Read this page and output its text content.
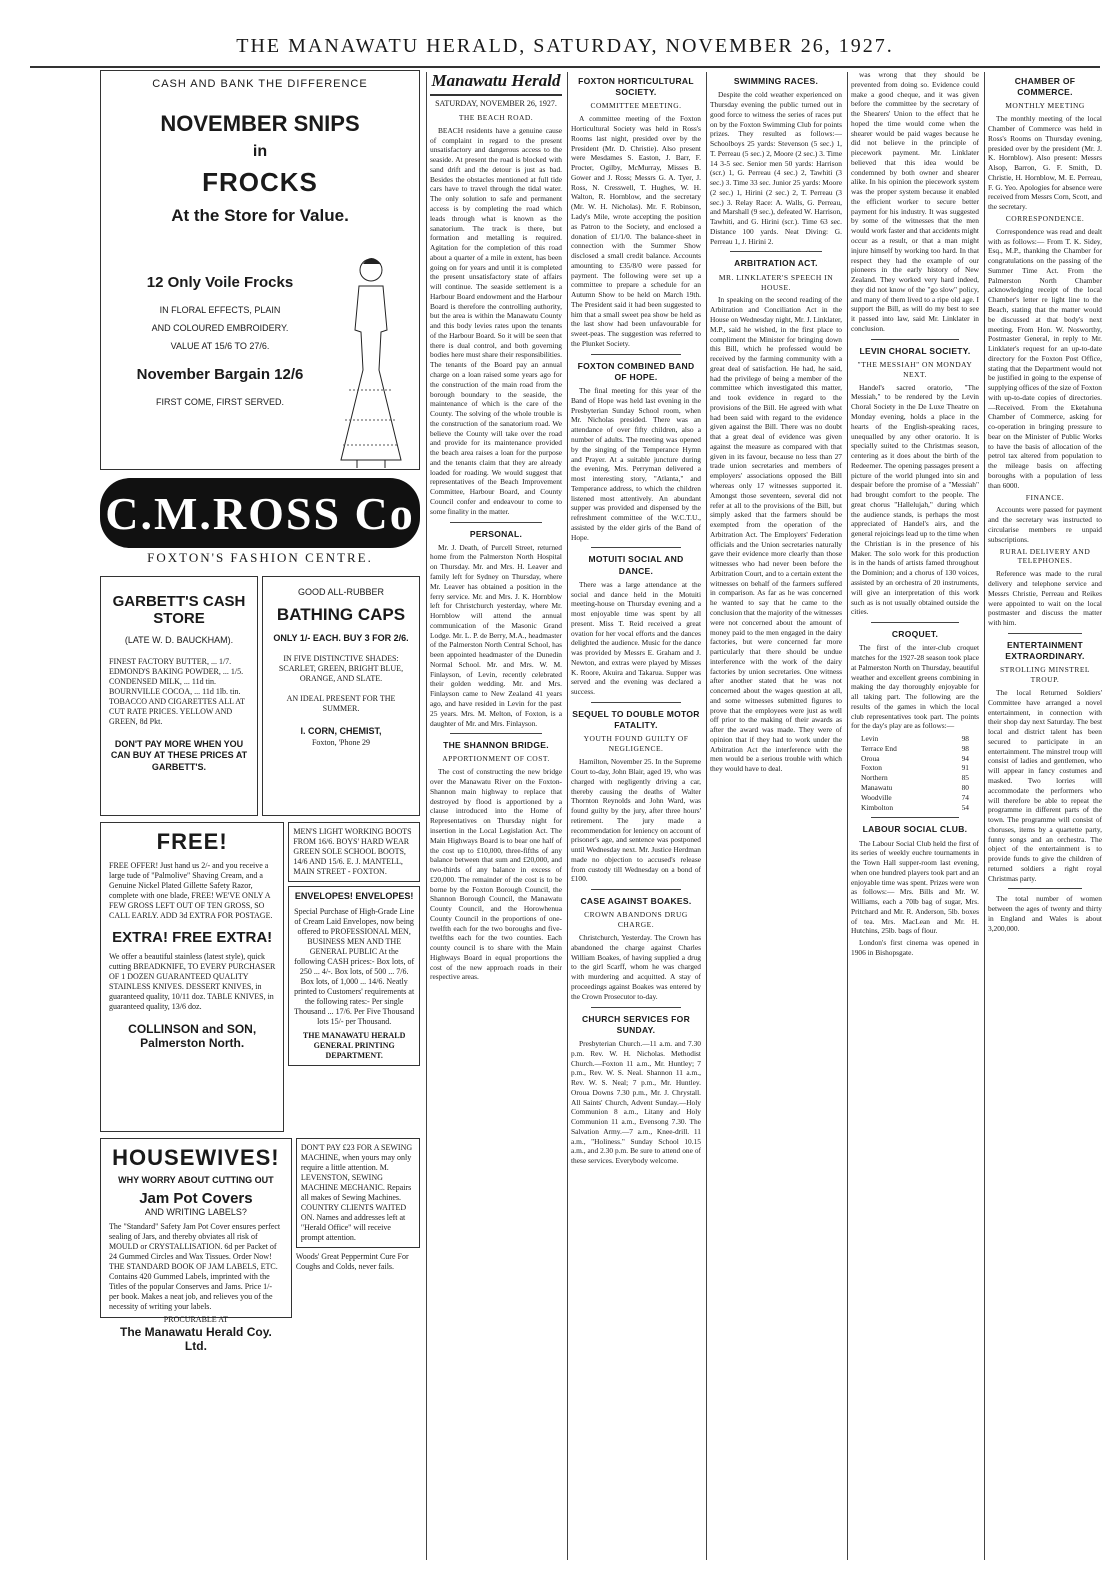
THE MANAWATU HERALD, SATURDAY, NOVEMBER 26, 1927.
CASH AND BANK THE DIFFERENCE
NOVEMBER SNIPS
in
FROCKS
At the Store for Value.
12 Only Voile Frocks
IN FLORAL EFFECTS, PLAIN
AND COLOURED EMBROIDERY.
VALUE AT 15/6 TO 27/6.
November Bargain 12/6
FIRST COME, FIRST SERVED.
C.M.ROSS Co
FOXTON'S FASHION CENTRE.
GARBETT'S CASH STORE
(LATE W. D. BAUCKHAM).
FINEST FACTORY BUTTER, ... 1/7. EDMOND'S BAKING POWDER, ... 1/5. CONDENSED MILK, ... 11d tin. BOURNVILLE COCOA, ... 11d 1lb. tin. TOBACCO AND CIGARETTES ALL AT CUT RATE PRICES. YELLOW AND GREEN, 8d Pkt.
DON'T PAY MORE WHEN YOU CAN BUY AT THESE PRICES AT GARBETT'S.
GOOD ALL-RUBBER
BATHING CAPS
ONLY 1/- EACH. BUY 3 FOR 2/6.
IN FIVE DISTINCTIVE SHADES: SCARLET, GREEN, BRIGHT BLUE, ORANGE, AND SLATE.
AN IDEAL PRESENT FOR THE SUMMER.
I. CORN, CHEMIST,
Foxton, 'Phone 29
FREE!
FREE OFFER! Just hand us 2/- and you receive a large tude of "Palmolive" Shaving Cream, and a Genuine Nickel Plated Gillette Safety Razor, complete with one blade, FREE! WE'VE ONLY A FEW GROSS LEFT OUT OF TEN GROSS, SO CALL EARLY. ADD 3d EXTRA FOR POSTAGE.
EXTRA! FREE EXTRA!
We offer a beautiful stainless (latest style), quick cutting BREADKNIFE, TO EVERY PURCHASER OF 1 DOZEN GUARANTEED QUALITY STAINLESS KNIVES. DESSERT KNIVES, in guaranteed quality, 10/11 doz. TABLE KNIVES, in guaranteed quality, 13/6 doz.
COLLINSON and SON, Palmerston North.
MEN'S LIGHT WORKING BOOTS FROM 16/6. BOYS' HARD WEAR GREEN SOLE SCHOOL BOOTS, 14/6 AND 15/6. E. J. MANTELL, MAIN STREET - FOXTON.
ENVELOPES! ENVELOPES!
Special Purchase of High-Grade Line of Cream Laid Envelopes, now being offered to PROFESSIONAL MEN, BUSINESS MEN AND THE GENERAL PUBLIC At the following CASH prices:- Box lots, of 250 ... 4/-. Box lots, of 500 ... 7/6. Box lots, of 1,000 ... 14/6. Neatly printed to Customers' requirements at the following rates:- Per single Thousand ... 17/6. Per Five Thousand lots 15/- per Thousand.
THE MANAWATU HERALD GENERAL PRINTING DEPARTMENT.
HOUSEWIVES!
WHY WORRY ABOUT CUTTING OUT
Jam Pot Covers
AND WRITING LABELS?
The "Standard" Safety Jam Pot Cover ensures perfect sealing of Jars, and thereby obviates all risk of MOULD or CRYSTALLISATION. 6d per Packet of 24 Gummed Circles and Wax Tissues. Order Now! THE STANDARD BOOK OF JAM LABELS, ETC. Contains 420 Gummed Labels, imprinted with the Titles of the popular Conserves and Jams. Price 1/- per book. Makes a neat job, and relieves you of the necessity of writing your labels.
PROCURABLE AT
The Manawatu Herald Coy. Ltd.
DON'T PAY £23 FOR A SEWING MACHINE, when yours may only require a little attention. M. LEVENSTON, SEWING MACHINE MECHANIC. Repairs all makes of Sewing Machines. COUNTRY CLIENTS WAITED ON. Names and addresses left at "Herald Office" will receive prompt attention.
Woods' Great Peppermint Cure For Coughs and Colds, never fails.
Manawatu Herald
SATURDAY, NOVEMBER 26, 1927.
THE BEACH ROAD.

BEACH residents have a genuine cause of complaint in regard to the present unsatisfactory and dangerous access to the seaside. At present the road is blocked with sand drift and the detour is just as bad. Besides the obstacles mentioned at full tide cars have to travel through the tidal water. The only solution to safe and permanent access is by completing the road which leads through what is known as the sanatorium. The track is there, but formation and metalling is required. Agitation for the completion of this road about a quarter of a mile in extent, has been going on for years and until it is completed the present unsatisfactory state of affairs will continue. The seaside settlement is a Harbour Board endowment and the Harbour Board is therefore the controlling authority, but the area is within the Manawatu County and this body levies rates upon the tenants of the Harbour Board. So it will be seen that there is dual control, and both governing bodies here must share their responsibilities. The tenants of the Board pay an annual charge on a loan raised some years ago for the construction of the main road from the borough boundary to the seaside, the maintenance of which is the care of the County. The solving of the whole trouble is the construction of the sanatorium road. We believe the County will take over the road and provide for its maintenance provided the beach area raises a loan for the purpose and the tenants claim that they are already loaded for roading. We would suggest that representatives of the Beach Improvement Committee, Harbour Board, and County Council confer and endeavour to come to some finality in the matter.

PERSONAL.

Mr. J. Death, of Purcell Street, returned home from the Palmerston North Hospital on Thursday. Mr. and Mrs. H. Leaver and family left for Sydney on Thursday, where Mr. Leaver has obtained a position in the ferry service. Mr. and Mrs. J. K. Hornblow left for Christchurch yesterday, where Mr. Hornblow will attend the annual communication of the Masonic Grand Lodge. Mr. L. P. de Berry, M.A., headmaster of the Palmerston North Central School, has been appointed headmaster of the Dunedin Normal School. Mr. and Mrs. W. M. Finlayson, of Levin, recently celebrated their golden wedding. Mr. and Mrs. Finlayson came to New Zealand 41 years ago, and have resided in Levin for the past 25 years. Mrs. M. Melton, of Foxton, is a daughter of Mr. and Mrs. Finlayson.

THE SHANNON BRIDGE.
APPORTIONMENT OF COST.

The cost of constructing the new bridge over the Manawatu River on the Foxton-Shannon main highway to replace that destroyed by flood is apportioned by a clause introduced into the Home of Representatives on Thursday night for insertion in the Local Legislation Act. The Main Highways Board is to bear one half of the cost up to £10,000, three-fifths of any balance between that sum and £20,000, and two-thirds of any balance in excess of £20,000. The remainder of the cost is to be borne by the Foxton Borough Council, the Shannon Borough Council, the Manawatu County Council, and the Horowhenua County Council in the proportions of one-twelfth each for the two boroughs and five-twelfths each for the two counties. Each county council is to share with the Main Highways Board in equal proportions the cost of the new approach roads in their respective areas.

FOXTON HORTICULTURAL SOCIETY.
COMMITTEE MEETING.

A committee meeting of the Foxton Horticultural Society was held in Ross's Rooms last night, presided over by the President (Mr. D. Christie). Also present were Mesdames S. Easton, J. Barr, F. Procter, Ogilby, McMurray, Misses B. Gower and J. Ross; Messrs G. A. Tyer, J. Ross, N. Cresswell, T. Hughes, W. H. Walton, R. Hornblow, and the secretary (Mr. W. H. Nicholas). Mr. F. Robinson, Lady's Mile, wrote accepting the position as Patron to the Society, and enclosed a donation of £1/1/0. The balance-sheet in connection with the Summer Show disclosed a small credit balance. Accounts amounting to £35/8/0 were passed for payment. The following were set up a committee to prepare a schedule for an Autumn Show to be held on March 19th. The President said it had been suggested to him that a small sweet pea show be held as the last show had been unfavourable for sweet-peas. The suggestion was referred to the Plunket Society.

FOXTON COMBINED BAND OF HOPE.

The final meeting for this year of the Band of Hope was held last evening in the Presbyterian Sunday School room, when Mr. Nicholas presided. There was an attendance of over fifty children, also a number of adults. The meeting was opened by the singing of the Temperance Hymn and Prayer. At a suitable juncture during the evening, Mrs. Perryman delivered a most interesting story, "Atlanta," and Temperance address, to which the children listened most attentively. An abundant supper was provided and dispensed by the refreshment committee of the W.C.T.U., assisted by the elder girls of the Band of Hope.

MOTUITI SOCIAL AND DANCE.

There was a large attendance at the social and dance held in the Motuiti meeting-house on Thursday evening and a most enjoyable time was spent by all present. Miss T. Reid received a great ovation for her vocal efforts and the dances delighted the audience. Music for the dance was provided by Messrs E. Graham and J. Newton, and extras were played by Misses K. Roore, Akuira and Takarua. Supper was served and the evening was declared a success.

SEQUEL TO DOUBLE MOTOR FATALITY.
YOUTH FOUND GUILTY OF NEGLIGENCE.

Hamilton, November 25. In the Supreme Court to-day, John Blair, aged 19, who was charged with negligently driving a car, thereby causing the deaths of Walter Thornton Reynolds and John Ward, was found guilty by the jury, after three hours' retirement. The jury made a recommendation for leniency on account of prisoner's age, and sentence was postponed until Wednesday next. Mr. Justice Herdman made no objection to accused's release from custody till Wednesday on a bond of £100.

CASE AGAINST BOAKES.
CROWN ABANDONS DRUG CHARGE.

Christchurch, Yesterday. The Crown has abandoned the charge against Charles William Boakes, of having supplied a drug to the girl Scarff, whom he was charged with murdering and acquitted. A stay of proceedings against Boakes was entered by the Crown Prosecutor to-day.

CHURCH SERVICES FOR SUNDAY.

Presbyterian Church.—11 a.m. and 7.30 p.m. Rev. W. H. Nicholas. Methodist Church.—Foxton 11 a.m., Mr. Huntley; 7 p.m., Rev. W. S. Neal. Shannon 11 a.m., Rev. W. S. Neal; 7 p.m., Mr. Huntley. Oroua Downs 7.30 p.m., Mr. J. Chrystall. All Saints' Church, Advent Sunday.—Holy Communion 8 a.m., Litany and Holy Communion 11 a.m., Evensong 7.30. The Salvation Army.—7 a.m., Knee-drill. 11 a.m., "Holiness." Sunday School 10.15 a.m., and 2.30 p.m. Be sure to attend one of these services. Everybody welcome.

SWIMMING RACES.

Despite the cold weather experienced on Thursday evening the public turned out in good force to witness the series of races put on by the Foxton Swimming Club for points prizes. They resulted as follows:— Schoolboys 25 yards: Stevenson (5 sec.) 1, T. Perreau (5 sec.) 2, Moore (2 sec.) 3. Time 14 3-5 sec. Senior men 50 yards: Harrison (scr.) 1, G. Perreau (4 sec.) 2, Tawhiti (3 sec.) 3. Time 33 sec. Junior 25 yards: Moore (2 sec.) 1, Hirini (2 sec.) 2, T. Perreau (3 sec.) 3. Relay Race: A. Walls, G. Perreau, and Marshall (9 sec.), defeated W. Harrison, Tawhiti, and G. Hirini (scr.). Time 63 sec. Distance 100 yards. Neat Diving: G. Perreau 1, J. Hirini 2.

ARBITRATION ACT.
MR. LINKLATER'S SPEECH IN HOUSE.

In speaking on the second reading of the Arbitration and Conciliation Act in the House on Wednesday night, Mr. J. Linklater, M.P., said he wished, in the first place to compliment the Minister for bringing down this Bill, which he professed would be received by the farming community with a great deal of satisfaction. He had, he said, had the privilege of being a member of the committee which investigated this matter, and took evidence in regard to the provisions of the Bill. He agreed with what had been said with regard to the evidence given against the Bill. There was no doubt that a great deal of evidence was given against the measure as compared with that given in its favour, because no less than 27 trade union secretaries and members of employers' associations opposed the Bill whereas only 17 witnesses supported it. Amongst those seventeen, several did not refer at all to the provisions of the Bill, but simply asked that the farmers should be exempted from the operation of the Arbitration Act. The Employers' Federation officials and the Union secretaries naturally gave their evidence more clearly than those witnesses who had never been before the Arbitration Court, and to a certain extent the witnesses on behalf of the farmers suffered in comparison. As far as he was concerned he wanted to say that he came to the conclusion that the majority of the witnesses were not concerned about the amount of money paid to the men engaged in the dairy factories, but were concerned far more particularly that there should be undue interference with the work of the dairy factories by union secretaries. One witness after another stated that he was not concerned about the wages question at all, and some witnesses submitted figures to prove that the employees were just as well off prior to the making of their awards as after the award was made. They were of opinion that if they had to work under the Arbitration Act the interference with the men would be a serious trouble with which they would have to deal.

was wrong that they should be prevented from doing so. Evidence could make a good cheque, and it was given before the committee by the secretary of the Shearers' Union to the effect that he hoped the time would come when the shearer would be paid wages because he did not believe in the principle of piecework payment. Mr. Linklater believed that this idea would be condemned by both owner and shearer alike. In his opinion the piecework system was the proper system because it enabled the efficient worker to secure better payment for his industry. It was suggested by some of the witnesses that the men would work faster and that accidents might occur as a result, or that a man might injure himself by working too hard. In that respect they had the example of our pioneers in the early history of New Zealand. They worked very hard indeed, they did not know of the "go slow" policy, and many of them lived to a ripe old age. I support the Bill, as will do my best to see it passed into law, said Mr. Linklater in conclusion.

LEVIN CHORAL SOCIETY.
"THE MESSIAH" ON MONDAY NEXT.

Handel's sacred oratorio, "The Messiah," to be rendered by the Levin Choral Society in the De Luxe Theatre on Monday evening, holds a place in the hearts of the English-speaking races, unequalled by any other oratorio. It is specially suited to the Christmas season, centering as it does about the birth of the Redeemer. The opening passages present a picture of the world plunged into sin and despair before the promise of a "Messiah" had brought comfort to the people. The great chorus "Hallelujah," during which the audience stands, is perhaps the most appreciated of Handel's airs, and the general rejoicings lead up to the time when the Christian is in the presence of his Maker. The solo work for this production is in the hands of artists famed throughout the Dominion; and a chorus of 130 voices, assisted by an orchestra of 20 instruments, will give an interpretation of this work such as is not usually obtained outside the cities.

CROQUET.

The first of the inter-club croquet matches for the 1927-28 season took place at Palmerston North on Thursday, beautiful weather and excellent greens combining in making the day thoroughly enjoyable for all taking part. The following are the results of the games in which the local club representatives took part. The points for the day's play are as follows:—

Levin	98
Terrace End	98
Oroua	94
Foxton	91
Northern	85
Manawatu	80
Woodville	74
Kimbolton	54
LABOUR SOCIAL CLUB.

The Labour Social Club held the first of its series of weekly euchre tournaments in the Town Hall supper-room last evening, when one hundred players took part and an enjoyable time was spent. Prizes were won as follows:— Mrs. Bills and Mr. W. Williams, each a 70lb bag of sugar, Mrs. Pritchard and Mr. R. Anderson, 5lb. boxes of tea. Mrs. MacLean and Mr. H. Hutchins, 25lb. bags of flour.

London's first cinema was opened in 1906 in Bishopsgate.

CHAMBER OF COMMERCE.
MONTHLY MEETING

The monthly meeting of the local Chamber of Commerce was held in Ross's Rooms on Thursday evening, presided over by the president (Mr. J. K. Hornblow). Also present: Messrs Alsop, Barron, G. F. Smith, D. Christie, H. Hornblow, M. E. Perreau, F. G. Yeo. Apologies for absence were received from Messrs Corn, Scott, and the secretary.

CORRESPONDENCE.

Correspondence was read and dealt with as follows:— From T. K. Sidey, Esq., M.P., thanking the Chamber for congratulations on the passing of the Summer Time Act. From the Palmerston North Chamber acknowledging receipt of the local Chamber's letter re light line to the Beach, stating that the matter would be discussed at that body's next meeting. From Hon. W. Nosworthy, Postmaster General, in reply to Mr. Linklater's request for an up-to-date directory for the Foxton Post Office, stating that the Department would not be justified in going to the expense of supplying offices of the size of Foxton with up-to-date copies of directories.—Received. From the Eketahuna Chamber of Commerce, asking for co-operation in bringing pressure to bear on the Minister of Public Works to have the basis of allocation of the petrol tax altered from population to the mileage basis on affecting boroughs with a population of less than 6000.

FINANCE.

Accounts were passed for payment and the secretary was instructed to circularise members re unpaid subscriptions.

RURAL DELIVERY AND TELEPHONES.

Reference was made to the rural delivery and telephone service and Messrs Christie, Perreau and Reikes were appointed to wait on the local postmaster and discuss the matter with him.

ENTERTAINMENT EXTRAORDINARY.
STROLLING MINSTREL TROUP.

The local Returned Soldiers' Committee have arranged a novel entertainment, in connection with their shop day next Saturday. The best local and district talent has been secured to participate in an entertainment. The minstrel troup will consist of ladies and gentlemen, who will appear in fancy costumes and masked. Two lorries will accommodate the performers who will therefore be able to repeat the programme in different parts of the town. The programme will consist of choruses, items by a quartette party, funny songs and an orchestra. The object of the entertainment is to provide funds to give the children of returned soldiers a right royal Christmas party.

The total number of women between the ages of twenty and thirty in England and Wales is about 3,200,000.
